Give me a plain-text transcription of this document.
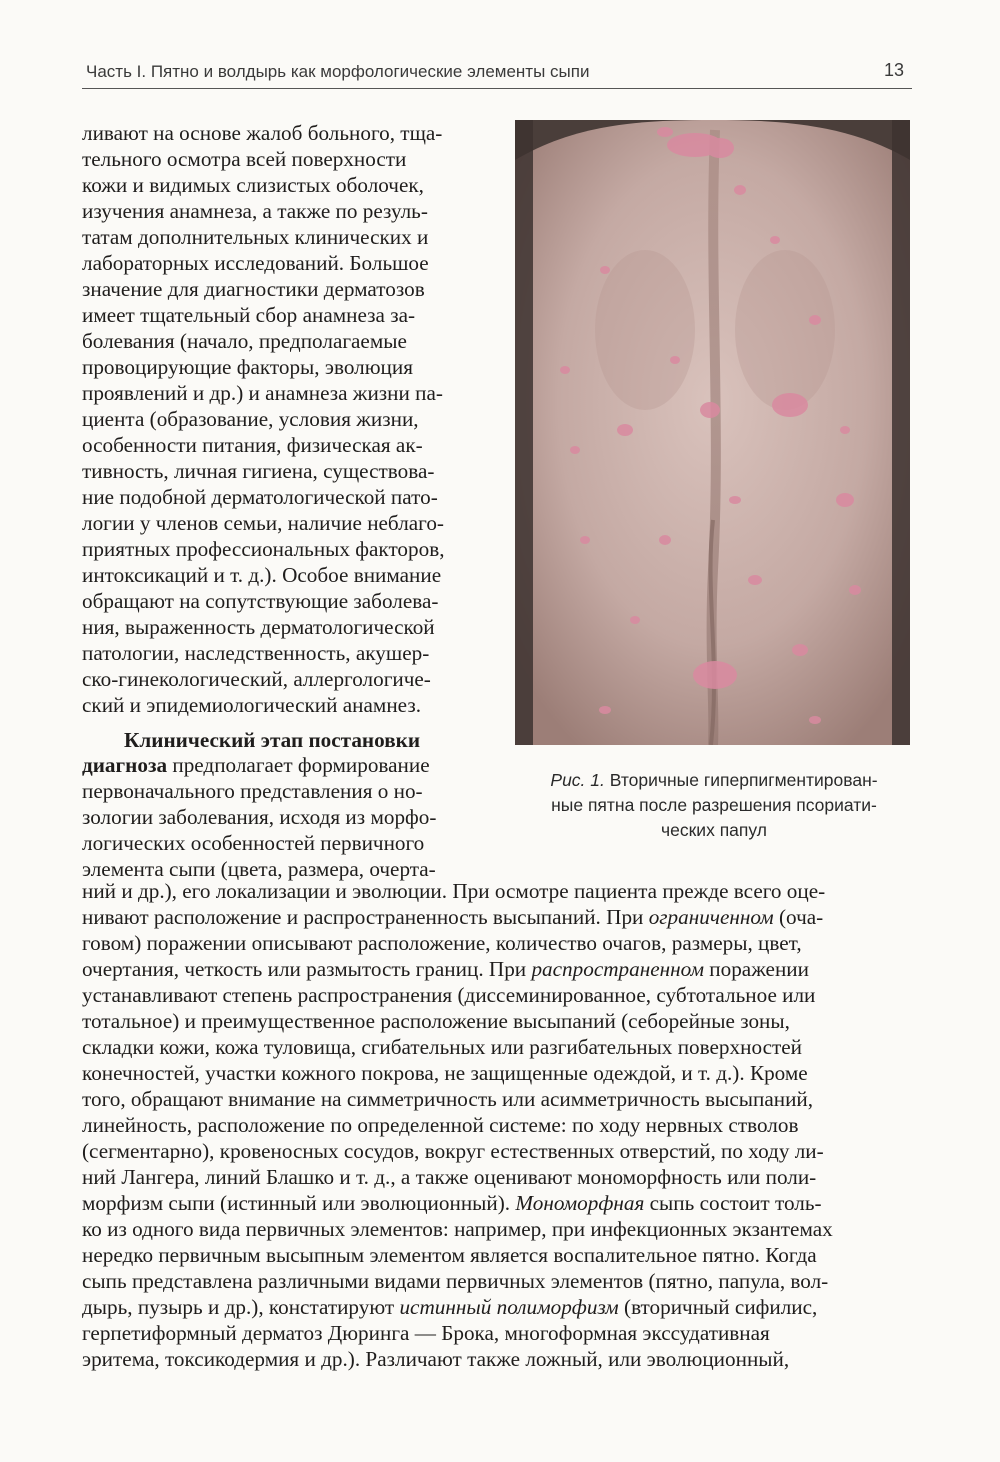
Часть I. Пятно и волдырь как морфологические элементы сыпи	13
ливают на основе жалоб больного, тща-
тельного осмотра всей поверхности
кожи и видимых слизистых оболочек,
изучения анамнеза, а также по резуль-
татам дополнительных клинических и
лабораторных исследований. Большое
значение для диагностики дерматозов
имеет тщательный сбор анамнеза за-
болевания (начало, предполагаемые
провоцирующие факторы, эволюция
проявлений и др.) и анамнеза жизни па-
циента (образование, условия жизни,
особенности питания, физическая ак-
тивность, личная гигиена, существова-
ние подобной дерматологической пато-
логии у членов семьи, наличие неблаго-
приятных профессиональных факторов,
интоксикаций и т. д.). Особое внимание
обращают на сопутствующие заболева-
ния, выраженность дерматологической
патологии, наследственность, акушер-
ско-гинекологический, аллергологиче-
ский и эпидемиологический анамнез.
Клинический этап постановки
диагноза предполагает формирование
первоначального представления о но-
зологии заболевания, исходя из морфо-
логических особенностей первичного
элемента сыпи (цвета, размера, очерта-
Рис. 1. Вторичные гиперпигментирован-
ные пятна после разрешения псориати-
ческих папул
ний и др.), его локализации и эволюции. При осмотре пациента прежде всего оце-
нивают расположение и распространенность высыпаний. При ограниченном (оча-
говом) поражении описывают расположение, количество очагов, размеры, цвет,
очертания, четкость или размытость границ. При распространенном поражении
устанавливают степень распространения (диссеминированное, субтотальное или
тотальное) и преимущественное расположение высыпаний (себорейные зоны,
складки кожи, кожа туловища, сгибательных или разгибательных поверхностей
конечностей, участки кожного покрова, не защищенные одеждой, и т. д.). Кроме
того, обращают внимание на симметричность или асимметричность высыпаний,
линейность, расположение по определенной системе: по ходу нервных стволов
(сегментарно), кровеносных сосудов, вокруг естественных отверстий, по ходу ли-
ний Лангера, линий Блашко и т. д., а также оценивают мономорфность или поли-
морфизм сыпи (истинный или эволюционный). Мономорфная сыпь состоит толь-
ко из одного вида первичных элементов: например, при инфекционных экзантемах
нередко первичным высыпным элементом является воспалительное пятно. Когда
сыпь представлена различными видами первичных элементов (пятно, папула, вол-
дырь, пузырь и др.), констатируют истинный полиморфизм (вторичный сифилис,
герпетиформный дерматоз Дюринга — Брока, многоформная экссудативная
эритема, токсикодермия и др.). Различают также ложный, или эволюционный,
